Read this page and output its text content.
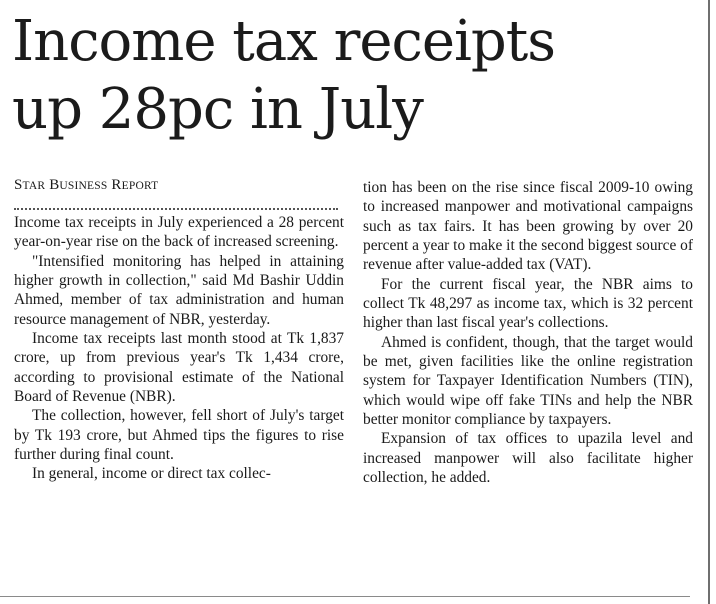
Income tax receipts
up 28pc in July
STAR BUSINESS REPORT

Income tax receipts in July experienced a 28 percent year-on-year rise on the back of increased screening.

"Intensified monitoring has helped in attaining higher growth in collection," said Md Bashir Uddin Ahmed, member of tax administration and human resource management of NBR, yesterday.

Income tax receipts last month stood at Tk 1,837 crore, up from previous year's Tk 1,434 crore, according to provisional estimate of the National Board of Revenue (NBR).

The collection, however, fell short of July's target by Tk 193 crore, but Ahmed tips the figures to rise further during final count.

In general, income or direct tax collec-

tion has been on the rise since fiscal 2009-10 owing to increased manpower and motivational campaigns such as tax fairs. It has been growing by over 20 percent a year to make it the second biggest source of revenue after value-added tax (VAT).

For the current fiscal year, the NBR aims to collect Tk 48,297 as income tax, which is 32 percent higher than last fiscal year's collections.

Ahmed is confident, though, that the target would be met, given facilities like the online registration system for Taxpayer Identification Numbers (TIN), which would wipe off fake TINs and help the NBR better monitor compliance by taxpayers.

Expansion of tax offices to upazila level and increased manpower will also facilitate higher collection, he added.
